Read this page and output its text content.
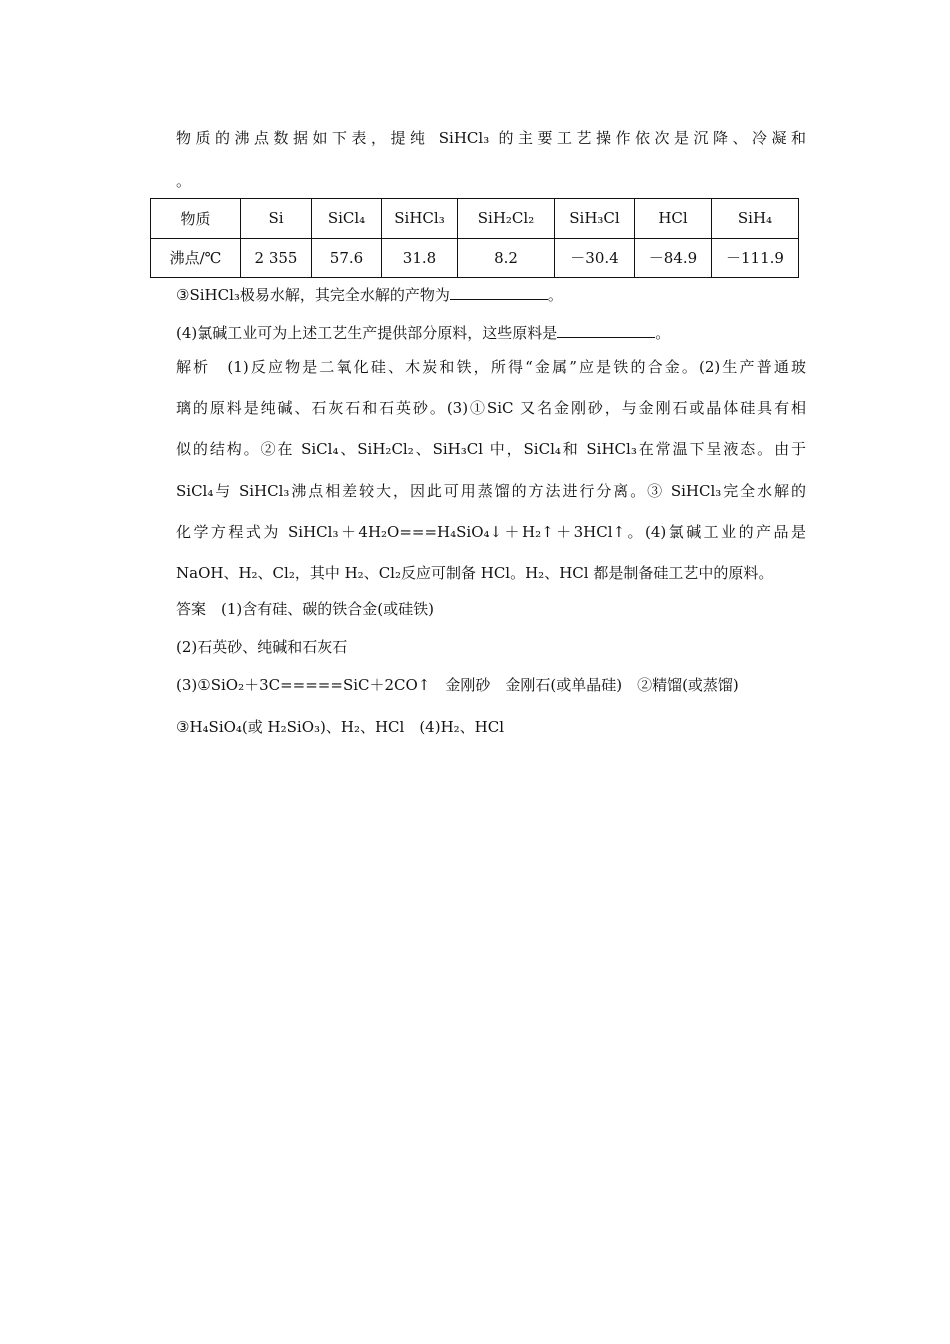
物质的沸点数据如下表，提纯 SiHCl₃ 的主要工艺操作依次是沉降、冷凝和
。
物质	Si	SiCl₄	SiHCl₃	SiH₂Cl₂	SiH₃Cl	HCl	SiH₄
沸点/℃	2 355	57.6	31.8	8.2	－30.4	－84.9	－111.9
③SiHCl₃极易水解，其完全水解的产物为	。
(4)氯碱工业可为上述工艺生产提供部分原料，这些原料是	。
解析　(1)反应物是二氧化硅、木炭和铁，所得“金属”应是铁的合金。(2)生产普通玻
璃的原料是纯碱、石灰石和石英砂。(3)①SiC 又名金刚砂，与金刚石或晶体硅具有相
似的结构。②在 SiCl₄、SiH₂Cl₂、SiH₃Cl 中，SiCl₄和 SiHCl₃在常温下呈液态。由于
SiCl₄与 SiHCl₃沸点相差较大，因此可用蒸馏的方法进行分离。③ SiHCl₃完全水解的
化学方程式为 SiHCl₃＋4H₂O===H₄SiO₄↓＋H₂↑＋3HCl↑。(4)氯碱工业的产品是
NaOH、H₂、Cl₂，其中 H₂、Cl₂反应可制备 HCl。H₂、HCl 都是制备硅工艺中的原料。
答案　(1)含有硅、碳的铁合金(或硅铁)
(2)石英砂、纯碱和石灰石
(3)①SiO₂＋3C=====SiC＋2CO↑　金刚砂　金刚石(或单晶硅)　②精馏(或蒸馏)
③H₄SiO₄(或 H₂SiO₃)、H₂、HCl　(4)H₂、HCl
